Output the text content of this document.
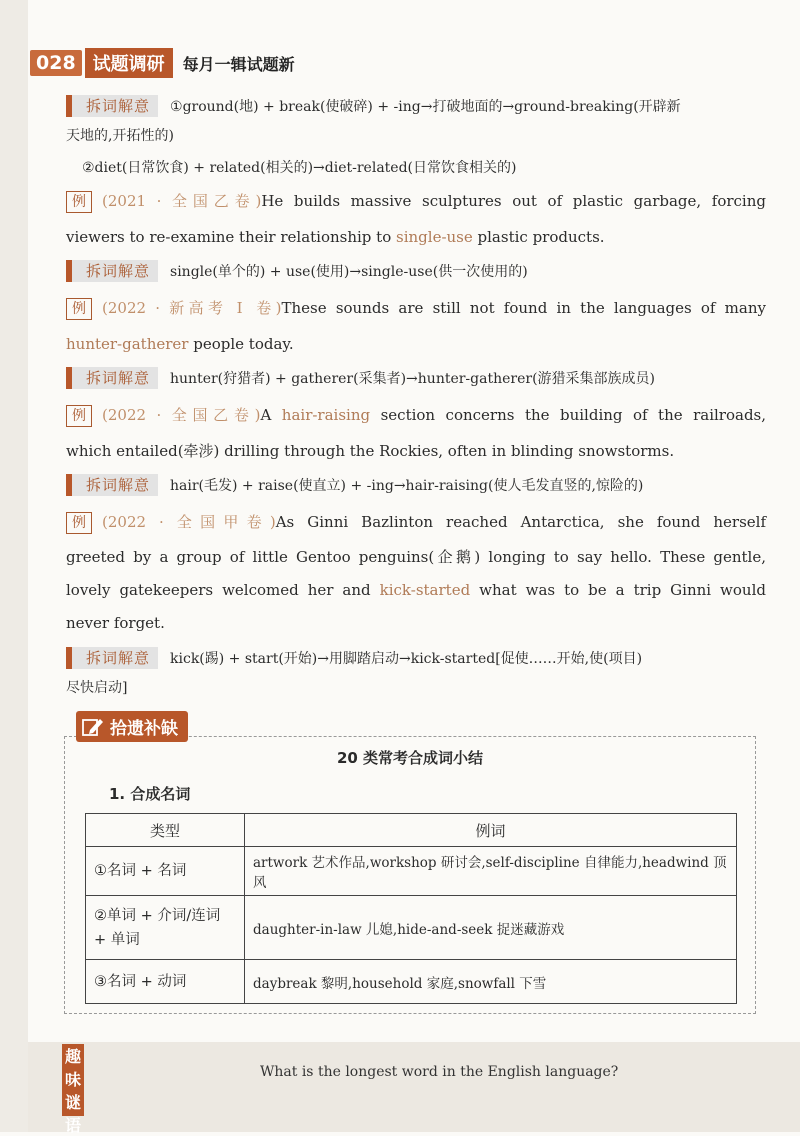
028 试题调研	每月一辑试题新
拆词解意 ①ground(地) + break(使破碎) + -ing→打破地面的→ground-breaking(开辟新
天地的,开拓性的)
②diet(日常饮食) + related(相关的)→diet-related(日常饮食相关的)
例 (2021 · 全国乙卷)He builds massive sculptures out of plastic garbage, forcing
viewers to re-examine their relationship to single-use plastic products.
拆词解意 single(单个的) + use(使用)→single-use(供一次使用的)
例 (2022 · 新高考 Ⅰ 卷)These sounds are still not found in the languages of many
hunter-gatherer people today.
拆词解意 hunter(狩猎者) + gatherer(采集者)→hunter-gatherer(游猎采集部族成员)
例 (2022 · 全国乙卷)A hair-raising section concerns the building of the railroads,
which entailed(牵涉) drilling through the Rockies, often in blinding snowstorms.
拆词解意 hair(毛发) + raise(使直立) + -ing→hair-raising(使人毛发直竖的,惊险的)
例 (2022 · 全国甲卷)As Ginni Bazlinton reached Antarctica, she found herself
greeted by a group of little Gentoo penguins(企鹅) longing to say hello. These gentle,
lovely gatekeepers welcomed her and kick-started what was to be a trip Ginni would
never forget.
拆词解意 kick(踢) + start(开始)→用脚踏启动→kick-started[促使……开始,使(项目)
尽快启动]
20 类常考合成词小结
1. 合成名词
类型	例词
①名词 + 名词	artwork 艺术作品,workshop 研讨会,self-discipline 自律能力,headwind 顶风
②单词 + 介词/连词 + 单词	daughter-in-law 儿媳,hide-and-seek 捉迷藏游戏
③名词 + 动词	daybreak 黎明,household 家庭,snowfall 下雪
拾遗补缺
趣
味
谜
语
What is the longest word in the English language?
